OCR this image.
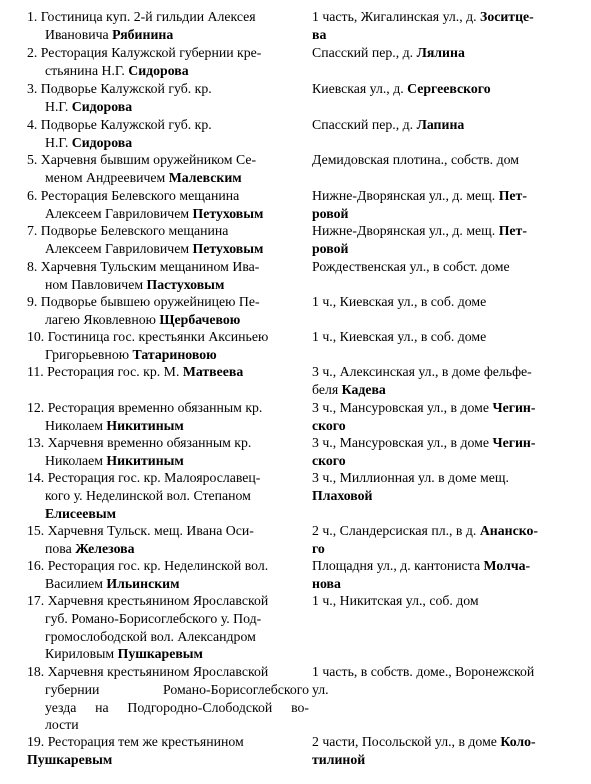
1. Гостиница куп. 2-й гильдии Алексея
Ивановича Рябинина
1 часть, Жигалинская ул., д. Зоситце-
ва
2. Ресторация Калужской губернии кре-
стьянина Н.Г. Сидорова
Спасский пер., д. Лялина
3. Подворье Калужской губ. кр.
Н.Г. Сидорова
Киевская ул., д. Сергеевского
4. Подворье Калужской губ. кр.
Н.Г. Сидорова
Спасский пер., д. Лапина
5. Харчевня бывшим оружейником Се-
меном Андреевичем Малевским
Демидовская плотина., собств. дом
6. Ресторация Белевского мещанина
Алексеем Гавриловичем Петуховым
Нижне-Дворянская ул., д. мещ. Пет-
ровой
7. Подворье Белевского мещанина
Алексеем Гавриловичем Петуховым
Нижне-Дворянская ул., д. мещ. Пет-
ровой
8. Харчевня Тульским мещанином Ива-
ном Павловичем Пастуховым
Рождественская ул., в собст. доме
9. Подворье бывшею оружейницею Пе-
лагею Яковлевною Щербачевою
1 ч., Киевская ул., в соб. доме
10. Гостиница гос. крестьянки Аксиньею
Григорьевною Татариновою
1 ч., Киевская ул., в соб. доме
11. Ресторация гос. кр. М. Матвеева	3 ч., Алексинская ул., в доме фельфе-
беля Кадева
12. Ресторация временно обязанным кр.
Николаем Никитиным
3 ч., Мансуровская ул., в доме Чегин-
ского
13. Харчевня временно обязанным кр.
Николаем Никитиным
3 ч., Мансуровская ул., в доме Чегин-
ского
14. Ресторация гос. кр. Малоярославец-
кого у. Неделинской вол. Степаном
Елисеевым
3 ч., Миллионная ул. в доме мещ.
Плаховой
15. Харчевня Тульск. мещ. Ивана Оси-
пова Железова
2 ч., Сландерсиская пл., в д. Ананско-
го
16. Ресторация гос. кр. Неделинской вол.
Василием Ильинским
Площадня ул., д. кантониста Молча-
нова
17. Харчевня крестьянином Ярославской
губ. Романо-Борисоглебского у. Под-
громослободской вол. Александром
Кириловым Пушкаревым
1 ч., Никитская ул., соб. дом
18. Харчевня крестьянином Ярославской
губернии Романо-Борисоглебского
уезда на Подгородно-Слободской во-
лости
1 часть, в собств. доме., Воронежской
ул.
19. Ресторация тем же крестьянином
Пушкаревым
2 части, Посольской ул., в доме Коло-
тилиной
